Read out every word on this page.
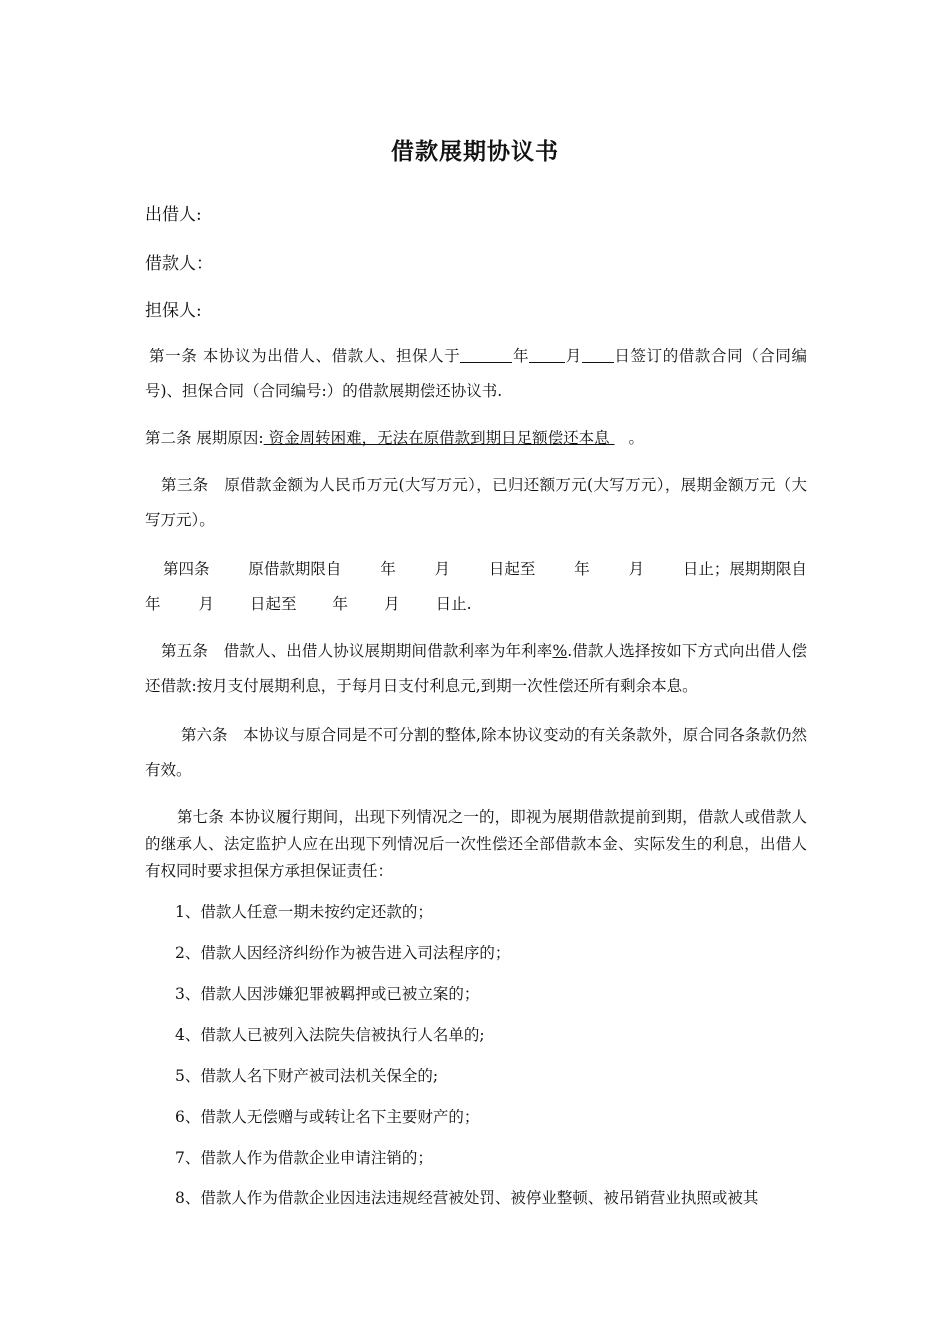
借款展期协议书
出借人:
借款人：
担保人:

第一条 本协议为出借人、借款人、担保人于	年 月 日签订的借款合同（合同编号)、担保合同（合同编号:）的借款展期偿还协议书.

第二条 展期原因: 资金周转困难，无法在原借款到期日足额偿还本息 。

第三条　原借款金额为人民币万元(大写万元），已归还额万元(大写万元），展期金额万元（大写万元）。

第四条	原借款期限自	年	月	日起至	年	月	日止；展期期限自
年 月 日起至 年 月 日止.

第五条　借款人、出借人协议展期期间借款利率为年利率%.借款人选择按如下方式向出借人偿还借款:按月支付展期利息，于每月日支付利息元,到期一次性偿还所有剩余本息。

第六条　本协议与原合同是不可分割的整体,除本协议变动的有关条款外，原合同各条款仍然有效。

第七条 本协议履行期间，出现下列情况之一的，即视为展期借款提前到期，借款人或借款人的继承人、法定监护人应在出现下列情况后一次性偿还全部借款本金、实际发生的利息，出借人有权同时要求担保方承担保证责任：

1、借款人任意一期未按约定还款的；
2、借款人因经济纠纷作为被告进入司法程序的；
3、借款人因涉嫌犯罪被羁押或已被立案的；
4、借款人已被列入法院失信被执行人名单的;
5、借款人名下财产被司法机关保全的;
6、借款人无偿赠与或转让名下主要财产的；
7、借款人作为借款企业申请注销的；
8、借款人作为借款企业因违法违规经营被处罚、被停业整顿、被吊销营业执照或被其
